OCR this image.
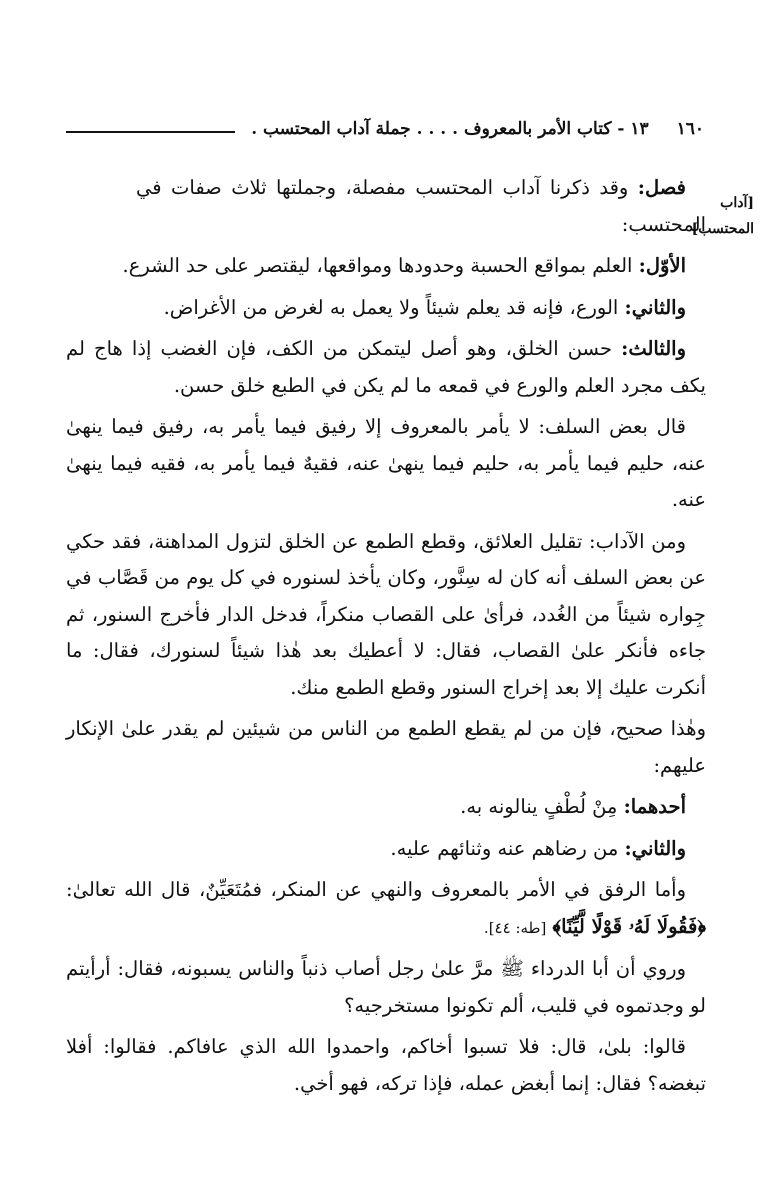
١٦٠
١٣ - كتاب الأمر بالمعروف . . . . جملة آداب المحتسب .
[آداب
المحتسب]

فصل: وقد ذكرنا آداب المحتسب مفصلة، وجملتها ثلاث صفات في المحتسب:

الأوّل: العلم بمواقع الحسبة وحدودها ومواقعها، ليقتصر على حد الشرع.

والثاني: الورع، فإنه قد يعلم شيئاً ولا يعمل به لغرض من الأغراض.

والثالث: حسن الخلق، وهو أصل ليتمكن من الكف، فإن الغضب إذا هاج لم يكف مجرد العلم والورع في قمعه ما لم يكن في الطبع خلق حسن.

قال بعض السلف: لا يأمر بالمعروف إلا رفيق فيما يأمر به، رفيق فيما ينهىٰ عنه، حليم فيما يأمر به، حليم فيما ينهىٰ عنه، فقيهٌ فيما يأمر به، فقيه فيما ينهىٰ عنه.

ومن الآداب: تقليل العلائق، وقطع الطمع عن الخلق لتزول المداهنة، فقد حكي عن بعض السلف أنه كان له سِنَّور، وكان يأخذ لسنوره في كل يوم من قَصَّاب في جِواره شيئاً من الغُدد، فرأىٰ على القصاب منكراً، فدخل الدار فأخرج السنور، ثم جاءه فأنكر علىٰ القصاب، فقال: لا أعطيك بعد هٰذا شيئاً لسنورك، فقال: ما أنكرت عليك إلا بعد إخراج السنور وقطع الطمع منك.

وهٰذا صحيح، فإن من لم يقطع الطمع من الناس من شيئين لم يقدر علىٰ الإنكار عليهم:

أحدهما: مِنْ لُطْفٍ ينالونه به.

والثاني: من رضاهم عنه وثنائهم عليه.

وأما الرفق في الأمر بالمعروف والنهي عن المنكر، فمُتَعَيِّنٌ، قال الله تعالىٰ: ﴿فَقُولَا لَهُۥ قَوْلًا لَّيِّنًا﴾ [طه: ٤٤].

وروي أن أبا الدرداء ﷺ مرَّ علىٰ رجل أصاب ذنباً والناس يسبونه، فقال: أرأيتم لو وجدتموه في قليب، ألم تكونوا مستخرجيه؟

قالوا: بلىٰ، قال: فلا تسبوا أخاكم، واحمدوا الله الذي عافاكم. فقالوا: أفلا تبغضه؟ فقال: إنما أبغض عمله، فإذا تركه، فهو أخي.
